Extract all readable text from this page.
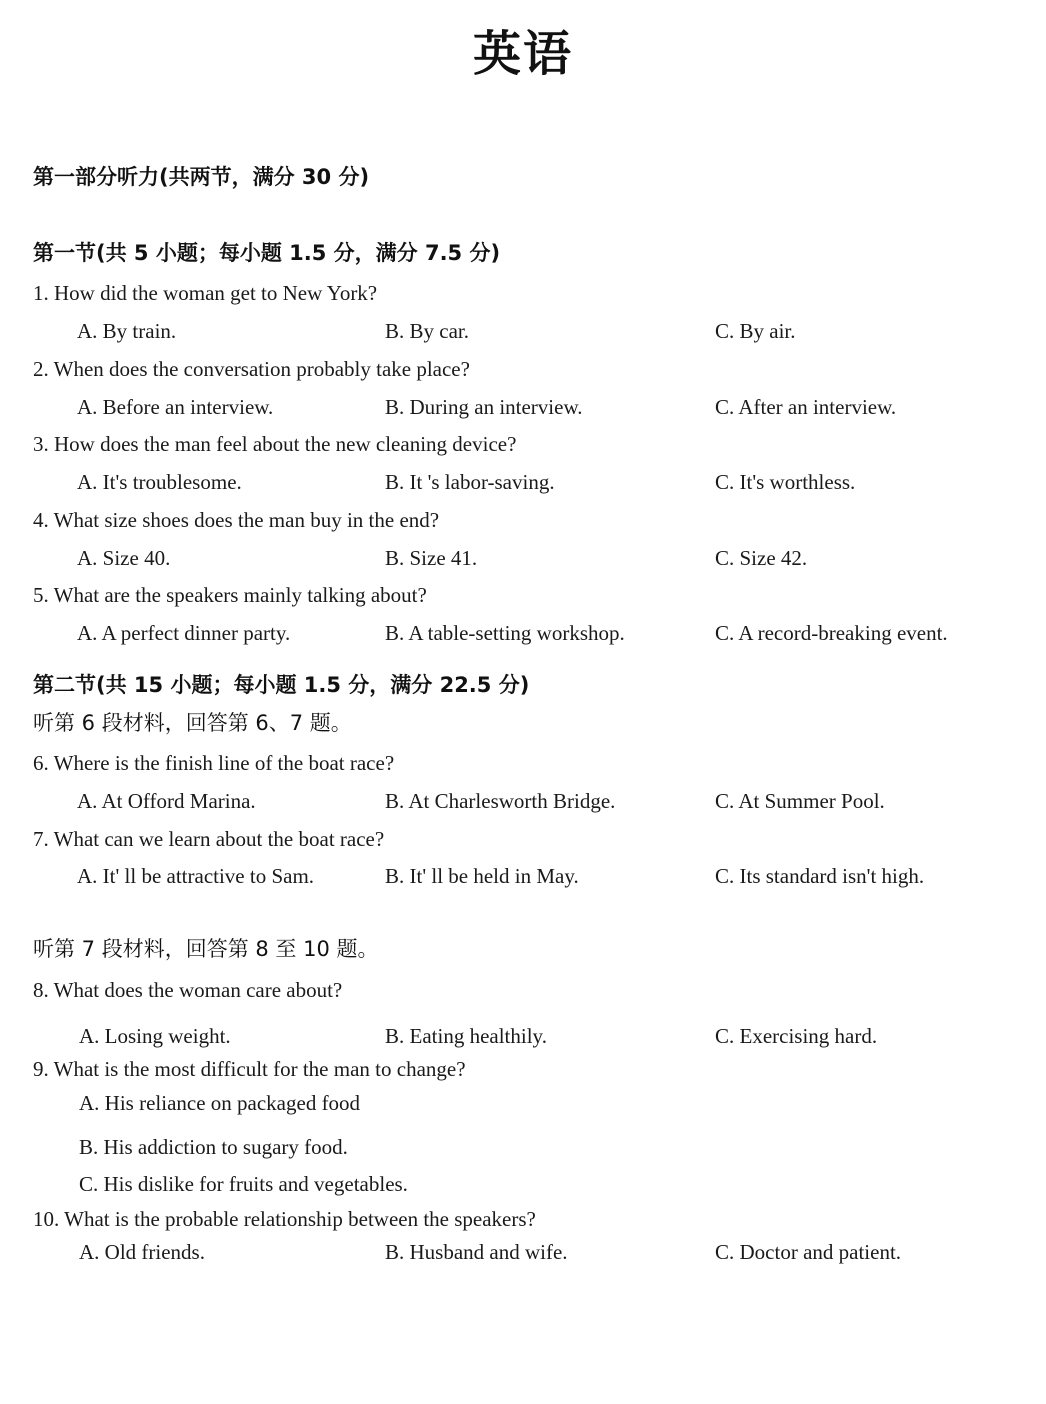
英语
第一部分听力(共两节，满分 30 分)
第一节(共 5 小题；每小题 1.5 分，满分 7.5 分)
1. How did the woman get to New York?
A. By train.	B. By car.	C. By air.
2. When does the conversation probably take place?
A. Before an interview.	B. During an interview.	C. After an interview.
3. How does the man feel about the new cleaning device?
A. It's troublesome.	B. It 's labor-saving.	C. It's worthless.
4. What size shoes does the man buy in the end?
A. Size 40.	B. Size 41.	C. Size 42.
5. What are the speakers mainly talking about?
A. A perfect dinner party.	B. A table-setting workshop.	C. A record-breaking event.
第二节(共 15 小题；每小题 1.5 分，满分 22.5 分)
听第 6 段材料，回答第 6、7 题。
6. Where is the finish line of the boat race?
A. At Offord Marina.	B. At Charlesworth Bridge.	C. At Summer Pool.
7. What can we learn about the boat race?
A. It' ll be attractive to Sam.	B. It' ll be held in May.	C. Its standard isn't high.
听第 7 段材料，回答第 8 至 10 题。
8. What does the woman care about?
A. Losing weight.	B. Eating healthily.	C. Exercising hard.
9. What is the most difficult for the man to change?
A. His reliance on packaged food
B. His addiction to sugary food.
C. His dislike for fruits and vegetables.
10. What is the probable relationship between the speakers?
A. Old friends.	B. Husband and wife.	C. Doctor and patient.
